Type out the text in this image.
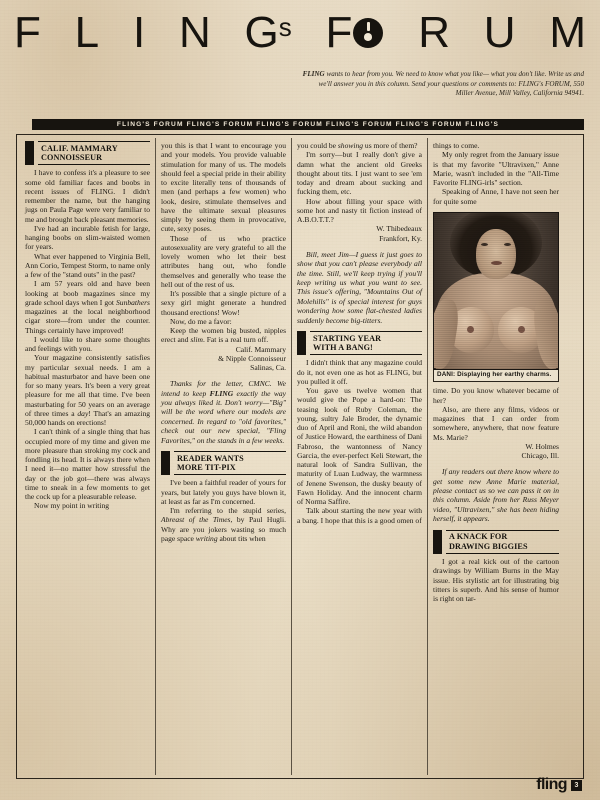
F L I N G s F R U M
FLING wants to hear from you. We need to know what you like— what you don't like. Write us and we'll answer you in this column. Send your questions or comments to: FLING's FORUM, 550 Miller Avenue, Mill Valley, California 94941.
FLING'S FORUM FLING'S FORUM FLING'S FORUM FLING'S FORUM FLING'S FORUM FLING'S
CALIF. MAMMARY
CONNOISSEUR

I have to confess it's a pleasure to see some old familiar faces and boobs in recent issues of FLING. I didn't remember the name, but the hanging jugs on Paula Page were very familiar to me and brought back pleasant memories.

I've had an incurable fetish for large, hanging boobs on slim-waisted women for years.

What ever happened to Virginia Bell, Ann Corio, Tempest Storm, to name only a few of the "stand outs" in the past?

I am 57 years old and have been looking at boob magazines since my grade school days when I got Sunbathers magazines at the local neighborhood cigar store—from under the counter. Things certainly have improved!

I would like to share some thoughts and feelings with you.

Your magazine consistently satisfies my particular sexual needs. I am a habitual masturbator and have been one for so many years. It's been a very great pleasure for me all that time. I've been masturbating for 50 years on an average of three times a day! That's an amazing 50,000 hands on erections!

I can't think of a single thing that has occupied more of my time and given me more pleasure than stroking my cock and fondling its head. It is always there when I need it—no matter how stressful the day or the job got—there was always time to sneak in a few moments to get the cock up for a pleasurable release.

Now my point in writing

you this is that I want to encourage you and your models. You provide valuable stimulation for many of us. The models should feel a special pride in their ability to excite literally tens of thousands of men (and perhaps a few women) who look, desire, stimulate themselves and have the ultimate sexual pleasures simply by seeing them in provocative, cute, sexy poses.

Those of us who practice autosexuality are very grateful to all the lovely women who let their best attributes hang out, who fondle themselves and generally who tease the hell out of the rest of us.

It's possible that a single picture of a sexy girl might generate a hundred thousand erections! Wow!

Now, do me a favor:

Keep the women big busted, nipples erect and slim. Fat is a real turn off.

Calif. Mammary

& Nipple Connoisseur

Salinas, Ca.

Thanks for the letter, CMNC. We intend to keep FLING exactly the way you always liked it. Don't worry—"Big" will be the word where our models are concerned. In regard to "old favorites," check out our new special, "Fling Favorites," on the stands in a few weeks.

READER WANTS
MORE TIT-PIX

I've been a faithful reader of yours for years, but lately you guys have blown it, at least as far as I'm concerned.

I'm referring to the stupid series, Abreast of the Times, by Paul Hugli. Why are you jokers wasting so much page space writing about tits when

you could be showing us more of them?

I'm sorry—but I really don't give a damn what the ancient old Greeks thought about tits. I just want to see 'em today and dream about sucking and fucking them, etc.

How about filling your space with some hot and nasty tit fiction instead of A.B.O.T.T.?

W. Thibedeaux

Frankfort, Ky.

Bill, meet Jim—I guess it just goes to show that you can't please everybody all the time. Still, we'll keep trying if you'll keep writing us what you want to see. This issue's offering, "Mountains Out of Molehills" is of special interest for guys wondering how some flat-chested ladies suddenly become big-titters.

STARTING YEAR
WITH A BANG!

I didn't think that any magazine could do it, not even one as hot as FLING, but you pulled it off.

You gave us twelve women that would give the Pope a hard-on: The teasing look of Ruby Coleman, the young, sultry Jale Broder, the dynamic duo of April and Roni, the wild abandon of Justice Howard, the earthiness of Dani Fabroso, the wantonness of Nancy Garcia, the ever-perfect Keli Stewart, the natural look of Sandra Sullivan, the maturity of Luan Ludway, the warmness of Jenene Swenson, the dusky beauty of Fawn Holiday. And the innocent charm of Norma Saffire.

Talk about starting the new year with a bang. I hope that this is a good omen of

things to come.

My only regret from the January issue is that my favorite "Ultravixen," Anne Marie, wasn't included in the "All-Time Favorite FLING-irls" section.

Speaking of Anne, I have not seen her for quite some

DANI: Displaying her earthy charms.

time. Do you know whatever became of her?

Also, are there any films, videos or magazines that I can order from somewhere, anywhere, that now feature Ms. Marie?

W. Holmes

Chicago, Ill.

If any readers out there know where to get some new Anne Marie material, please contact us so we can pass it on in this column. Aside from her Russ Meyer video, "Ultravixen," she has been hiding herself, it appears.

A KNACK FOR
DRAWING BIGGIES

I got a real kick out of the cartoon drawings by William Burns in the May issue. His stylistic art for illustrating big titters is superb. And his sense of humor is right on tar-

fling	3
